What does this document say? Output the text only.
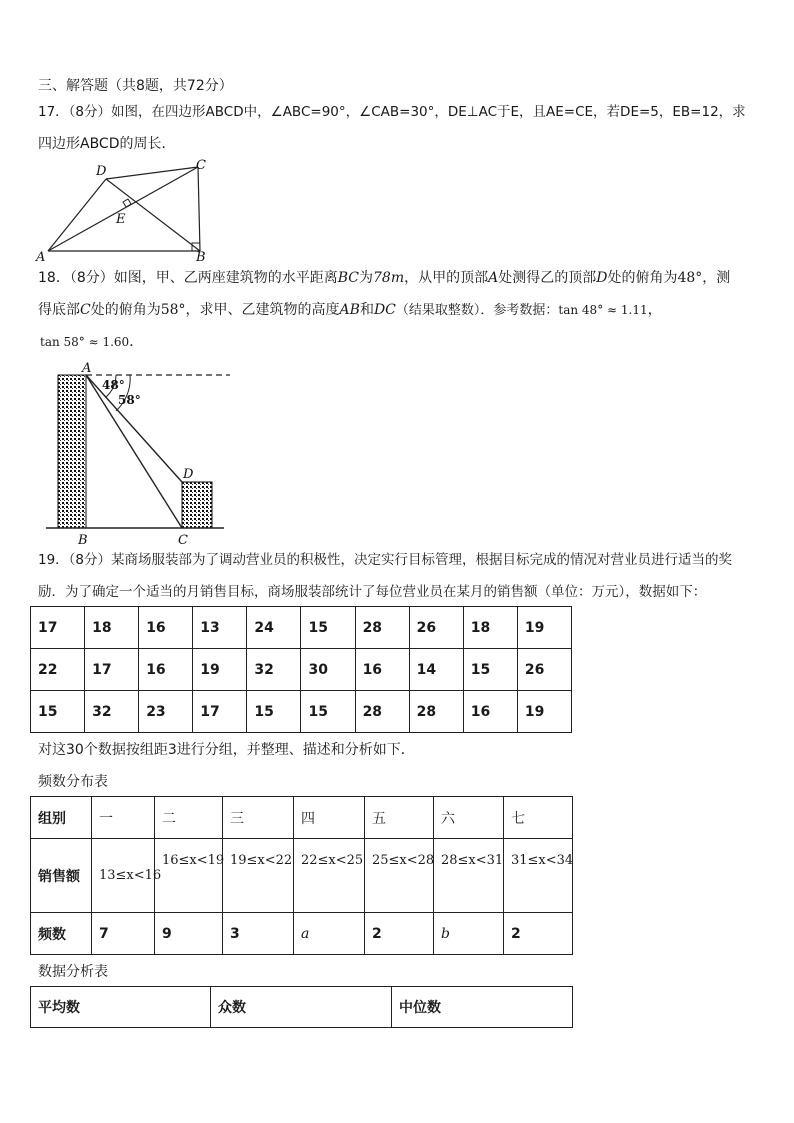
三、解答题（共8题，共72分）
17．（8分）如图，在四边形ABCD中，∠ABC=90°，∠CAB=30°，DE⊥AC于E，且AE=CE，若DE=5，EB=12，求
四边形ABCD的周长．
A	B
C
D
E
18．（8分）如图，甲、乙两座建筑物的水平距离BC为78m，从甲的顶部A处测得乙的顶部D处的俯角为48°，测
得底部C处的俯角为58°，求甲、乙建筑物的高度AB和DC（结果取整数）．参考数据：tan 48° ≈ 1.11，
tan 58° ≈ 1.60．
A
B	C
D
48°
58°
19．（8分）某商场服装部为了调动营业员的积极性，决定实行目标管理，根据目标完成的情况对营业员进行适当的奖
励．为了确定一个适当的月销售目标，商场服装部统计了每位营业员在某月的销售额（单位：万元），数据如下：
17	18	16	13	24	15	28	26	18	19
22	17	16	19	32	30	16	14	15	26
15	32	23	17	15	15	28	28	16	19
对这30个数据按组距3进行分组，并整理、描述和分析如下．
频数分布表
组别	一	二	三	四	五	六	七
销售额	13≤x<16	16≤x<19	19≤x<22	22≤x<25	25≤x<28	28≤x<31	31≤x<34
频数	7	9	3	a	2	b	2
数据分析表
平均数	众数	中位数
